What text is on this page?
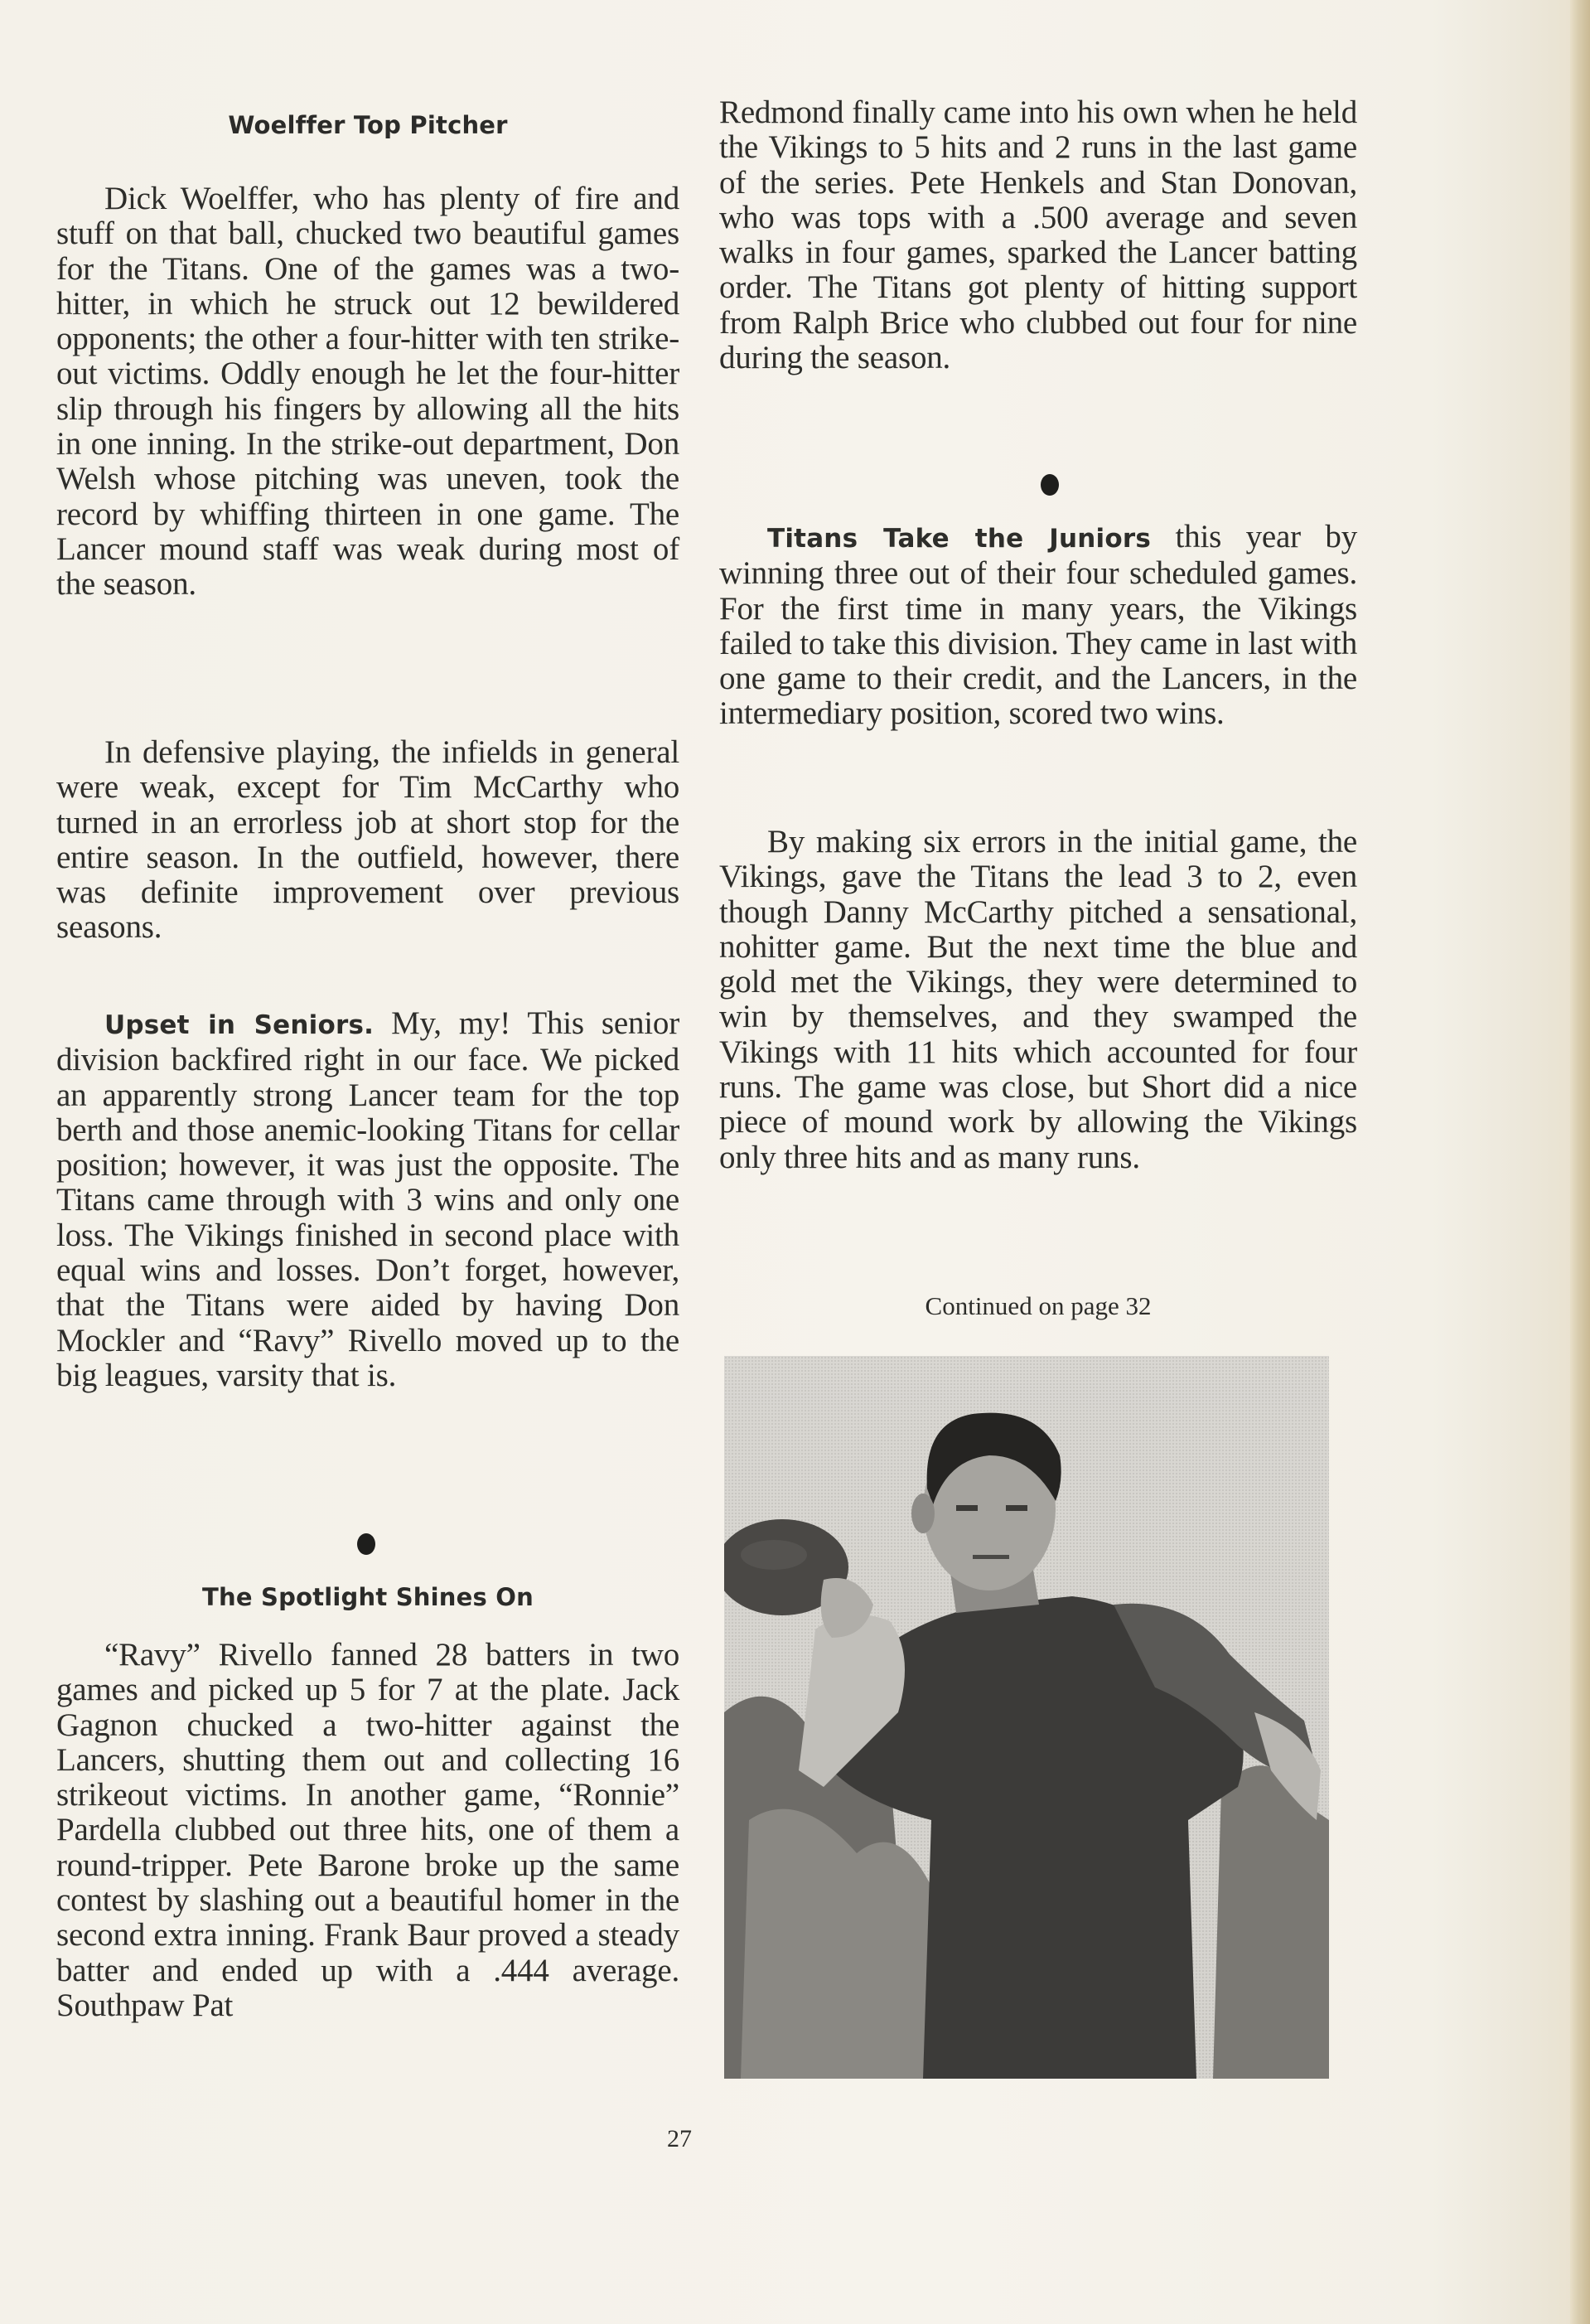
Woelffer Top Pitcher

Dick Woelffer, who has plenty of fire and stuff on that ball, chucked two beautiful games for the Titans. One of the games was a two-hitter, in which he struck out 12 bewildered opponents; the other a four-hitter with ten strike-out victims. Oddly enough he let the four-hitter slip through his fingers by allowing all the hits in one inning. In the strike-out department, Don Welsh whose pitching was uneven, took the record by whiffing thirteen in one game. The Lancer mound staff was weak during most of the season.

In defensive playing, the infields in general were weak, except for Tim McCarthy who turned in an errorless job at short stop for the entire season. In the outfield, however, there was definite improvement over previous seasons.

Upset in Seniors. My, my! This senior division backfired right in our face. We picked an apparently strong Lancer team for the top berth and those anemic-looking Titans for cellar position; however, it was just the opposite. The Titans came through with 3 wins and only one loss. The Vikings finished in second place with equal wins and losses. Don’t forget, however, that the Titans were aided by having Don Mockler and “Ravy” Rivello moved up to the big leagues, varsity that is.

The Spotlight Shines On

“Ravy” Rivello fanned 28 batters in two games and picked up 5 for 7 at the plate. Jack Gagnon chucked a two-hitter against the Lancers, shutting them out and collecting 16 strikeout victims. In another game, “Ronnie” Pardella clubbed out three hits, one of them a round-tripper. Pete Barone broke up the same contest by slashing out a beautiful homer in the second extra inning. Frank Baur proved a steady batter and ended up with a .444 average. Southpaw Pat

Redmond finally came into his own when he held the Vikings to 5 hits and 2 runs in the last game of the series. Pete Henkels and Stan Donovan, who was tops with a .500 average and seven walks in four games, sparked the Lancer batting order. The Titans got plenty of hitting support from Ralph Brice who clubbed out four for nine during the season.

Titans Take the Juniors this year by winning three out of their four scheduled games. For the first time in many years, the Vikings failed to take this division. They came in last with one game to their credit, and the Lancers, in the intermediary position, scored two wins.

By making six errors in the initial game, the Vikings, gave the Titans the lead 3 to 2, even though Danny McCarthy pitched a sensational, nohitter game. But the next time the blue and gold met the Vikings, they were determined to win by themselves, and they swamped the Vikings with 11 hits which accounted for four runs. The game was close, but Short did a nice piece of mound work by allowing the Vikings only three hits and as many runs.

Continued on page 32
27
